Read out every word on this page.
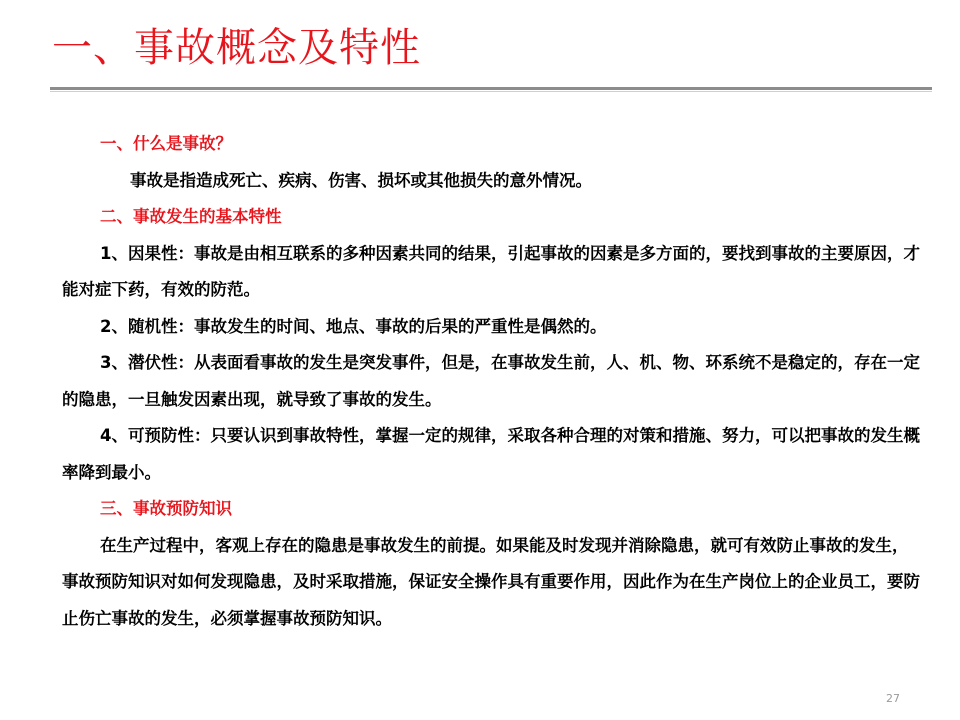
一、事故概念及特性

一、什么是事故？

事故是指造成死亡、疾病、伤害、损坏或其他损失的意外情况。

二、事故发生的基本特性

1、因果性：事故是由相互联系的多种因素共同的结果，引起事故的因素是多方面的，要找到事故的主要原因，才能对症下药，有效的防范。

2、随机性：事故发生的时间、地点、事故的后果的严重性是偶然的。

3、潜伏性：从表面看事故的发生是突发事件，但是，在事故发生前，人、机、物、环系统不是稳定的，存在一定的隐患，一旦触发因素出现，就导致了事故的发生。

4、可预防性：只要认识到事故特性，掌握一定的规律，采取各种合理的对策和措施、努力，可以把事故的发生概率降到最小。

三、事故预防知识

在生产过程中，客观上存在的隐患是事故发生的前提。如果能及时发现并消除隐患，就可有效防止事故的发生，事故预防知识对如何发现隐患，及时采取措施，保证安全操作具有重要作用，因此作为在生产岗位上的企业员工，要防止伤亡事故的发生，必须掌握事故预防知识。

27
